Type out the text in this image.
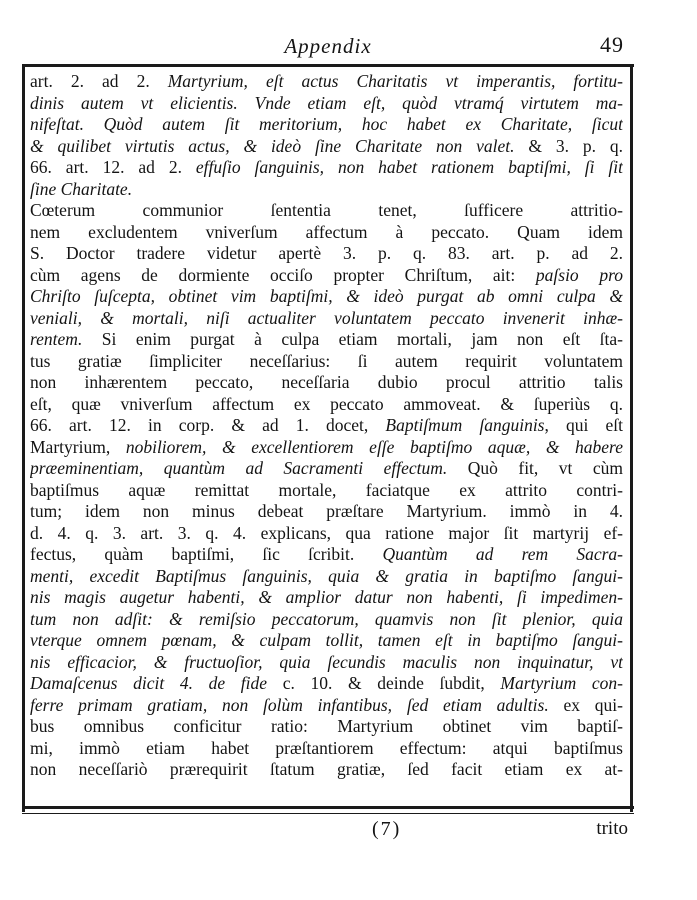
Appendix	49
art. 2. ad 2. Martyrium, eſt actus Charitatis vt imperantis, fortitu-
dinis autem vt elicientis. Vnde etiam eſt, quòd vtramq́ virtutem ma-
nifeſtat. Quòd autem ſit meritorium, hoc habet ex Charitate, ſicut
& quilibet virtutis actus, & ideò ſine Charitate non valet. & 3. p. q.
66. art. 12. ad 2. effuſio ſanguinis, non habet rationem baptiſmi, ſi ſit
ſine Charitate.
Cœterum communior ſententia tenet, ſufficere attritio-
nem excludentem vniverſum affectum à peccato. Quam idem
S. Doctor tradere videtur apertè 3. p. q. 83. art. p. ad 2.
cùm agens de dormiente occiſo propter Chriſtum, ait: paſsio pro
Chriſto ſuſcepta, obtinet vim baptiſmi, & ideò purgat ab omni culpa &
veniali, & mortali, niſi actualiter voluntatem peccato invenerit inhæ-
rentem. Si enim purgat à culpa etiam mortali, jam non eſt ſta-
tus gratiæ ſimpliciter neceſſarius: ſi autem requirit voluntatem
non inhærentem peccato, neceſſaria dubio procul attritio talis
eſt, quæ vniverſum affectum ex peccato ammoveat. & ſuperiùs q.
66. art. 12. in corp. & ad 1. docet, Baptiſmum ſanguinis, qui eſt
Martyrium, nobiliorem, & excellentiorem eſſe baptiſmo aquæ, & habere
præeminentiam, quantùm ad Sacramenti effectum. Quò fit, vt cùm
baptiſmus aquæ remittat mortale, faciatque ex attrito contri-
tum; idem non minus debeat præſtare Martyrium. immò in 4.
d. 4. q. 3. art. 3. q. 4. explicans, qua ratione major ſit martyrij ef-
fectus, quàm baptiſmi, ſic ſcribit. Quantùm ad rem Sacra-
menti, excedit Baptiſmus ſanguinis, quia & gratia in baptiſmo ſangui-
nis magis augetur habenti, & amplior datur non habenti, ſi impedimen-
tum non adſit: & remiſsio peccatorum, quamvis non ſit plenior, quia
vterque omnem pœnam, & culpam tollit, tamen eſt in baptiſmo ſangui-
nis efficacior, & fructuoſior, quia ſecundis maculis non inquinatur, vt
Damaſcenus dicit 4. de fide c. 10. & deinde ſubdit, Martyrium con-
ferre primam gratiam, non ſolùm infantibus, ſed etiam adultis. ex qui-
bus omnibus conficitur ratio: Martyrium obtinet vim baptiſ-
mi, immò etiam habet præſtantiorem effectum: atqui baptiſmus
non neceſſariò prærequirit ſtatum gratiæ, ſed facit etiam ex at-
(7)	trito
